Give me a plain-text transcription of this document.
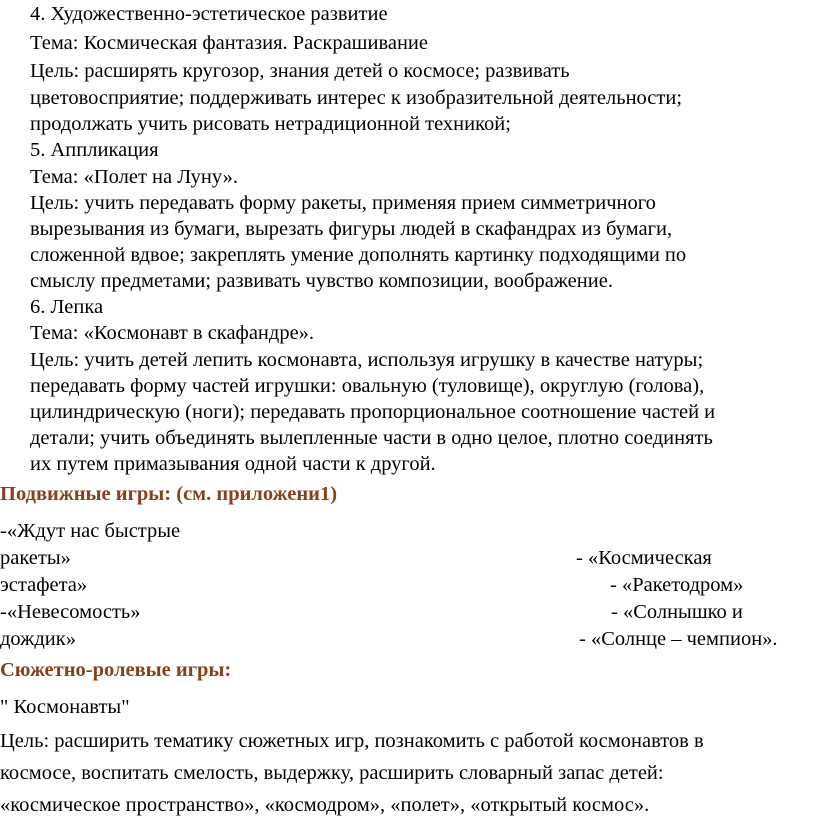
4. Художественно-эстетическое развитие
Тема: Космическая фантазия. Раскрашивание
Цель: расширять кругозор, знания детей о космосе; развивать
цветовосприятие; поддерживать интерес к изобразительной деятельности;
продолжать учить рисовать нетрадиционной техникой;
5. Аппликация
Тема: «Полет на Луну».
Цель: учить передавать форму ракеты, применяя прием симметричного
вырезывания из бумаги, вырезать фигуры людей в скафандрах из бумаги,
сложенной вдвое; закреплять умение дополнять картинку подходящими по
смыслу предметами; развивать чувство композиции, воображение.
6. Лепка
Тема: «Космонавт в скафандре».
Цель: учить детей лепить космонавта, используя игрушку в качестве натуры;
передавать форму частей игрушки: овальную (туловище), округлую (голова),
цилиндрическую (ноги); передавать пропорциональное соотношение частей и
детали; учить объединять вылепленные части в одно целое, плотно соединять
их путем примазывания одной части к другой.
Подвижные игры: (см. приложени1)
-«Ждут нас быстрые
ракеты»	- «Космическая
эстафета»	- «Ракетодром»
-«Невесомость»	- «Солнышко и
дождик»	- «Солнце – чемпион».
Сюжетно-ролевые игры:
" Космонавты"
Цель: расширить тематику сюжетных игр, познакомить с работой космонавтов в
космосе, воспитать смелость, выдержку, расширить словарный запас детей:
«космическое пространство», «космодром», «полет», «открытый космос».
